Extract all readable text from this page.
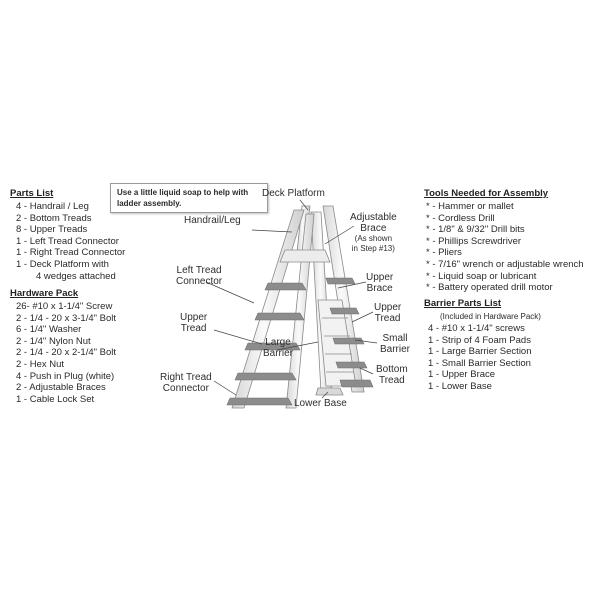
Use a little liquid soap to help with ladder assembly.
Parts List
4 - Handrail / Leg
2 - Bottom Treads
8 - Upper Treads
1 - Left Tread Connector
1 - Right Tread Connector
1 - Deck Platform with
4 wedges attached
Hardware Pack
26- #10 x 1-1/4" Screw
2 - 1/4 - 20 x 3-1/4" Bolt
6 - 1/4" Washer
2 - 1/4" Nylon Nut
2 - 1/4 - 20 x 2-1/4" Bolt
2 - Hex Nut
4 - Push in Plug (white)
2 - Adjustable Braces
1 - Cable Lock Set
Tools Needed for Assembly
* - Hammer or mallet
* - Cordless Drill
* - 1/8" & 9/32" Drill bits
* - Phillips Screwdriver
* - Pliers
* - 7/16" wrench or adjustable wrench
* - Liquid soap or lubricant
* - Battery operated drill motor
Barrier Parts List
(Included in Hardware Pack)
4 - #10 x 1-1/4" screws
1 - Strip of 4 Foam Pads
1 - Large Barrier Section
1 - Small Barrier Section
1 - Upper Brace
1 - Lower Base
Deck Platform
Handrail/Leg	Adjustable
Brace
(As shown
in Step #13)
Left Tread
Connector	Upper
Brace
Upper
Tread
Upper
Tread
Large
Barrier
Small
Barrier
Right Tread
Connector
Bottom
Tread
Lower Base
